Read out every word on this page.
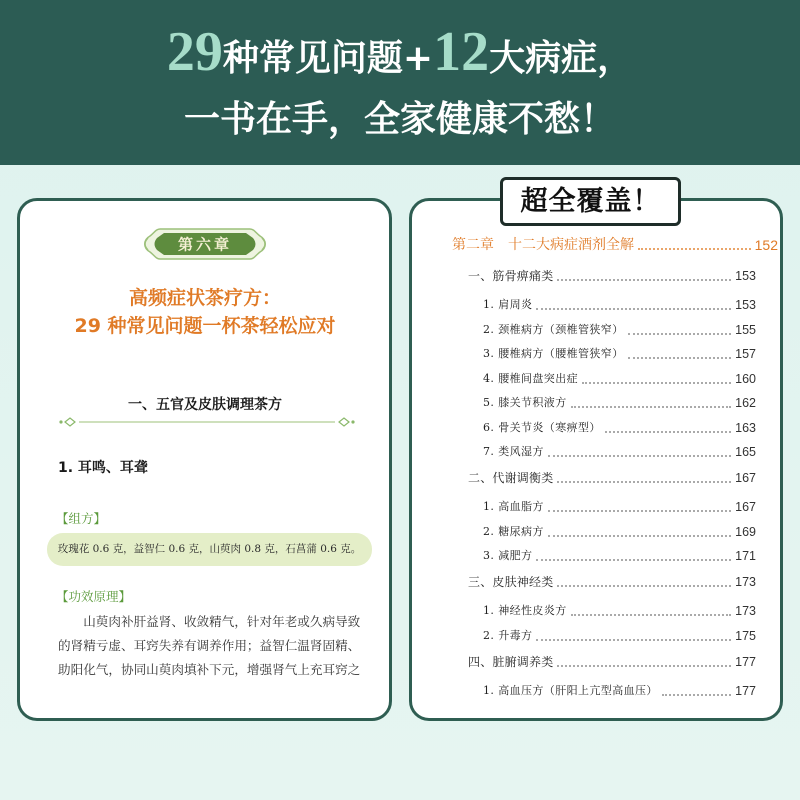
29种常见问题+12大病症，
一书在手，全家健康不愁！
第六章
高频症状茶疗方：
29 种常见问题一杯茶轻松应对
一、五官及皮肤调理茶方
1. 耳鸣、耳聋
【组方】
玫瑰花 0.6 克，益智仁 0.6 克，山萸肉 0.8 克，石菖蒲 0.6 克。
【功效原理】
山萸肉补肝益肾、收敛精气，针对年老或久病导致的肾精亏虚、耳窍失养有调养作用；益智仁温肾固精、助阳化气，协同山萸肉填补下元，增强肾气上充耳窍之
超全覆盖！
第二章　十二大病症酒剂全解	152
一、筋骨痹痛类	153
1. 肩周炎	153
2. 颈椎病方（颈椎管狭窄）	155
3. 腰椎病方（腰椎管狭窄）	157
4. 腰椎间盘突出症	160
5. 膝关节积液方	162
6. 骨关节炎（寒痹型）	163
7. 类风湿方	165
二、代谢调衡类	167
1. 高血脂方	167
2. 糖尿病方	169
3. 减肥方	171
三、皮肤神经类	173
1. 神经性皮炎方	173
2. 升毒方	175
四、脏腑调养类	177
1. 高血压方（肝阳上亢型高血压）	177
